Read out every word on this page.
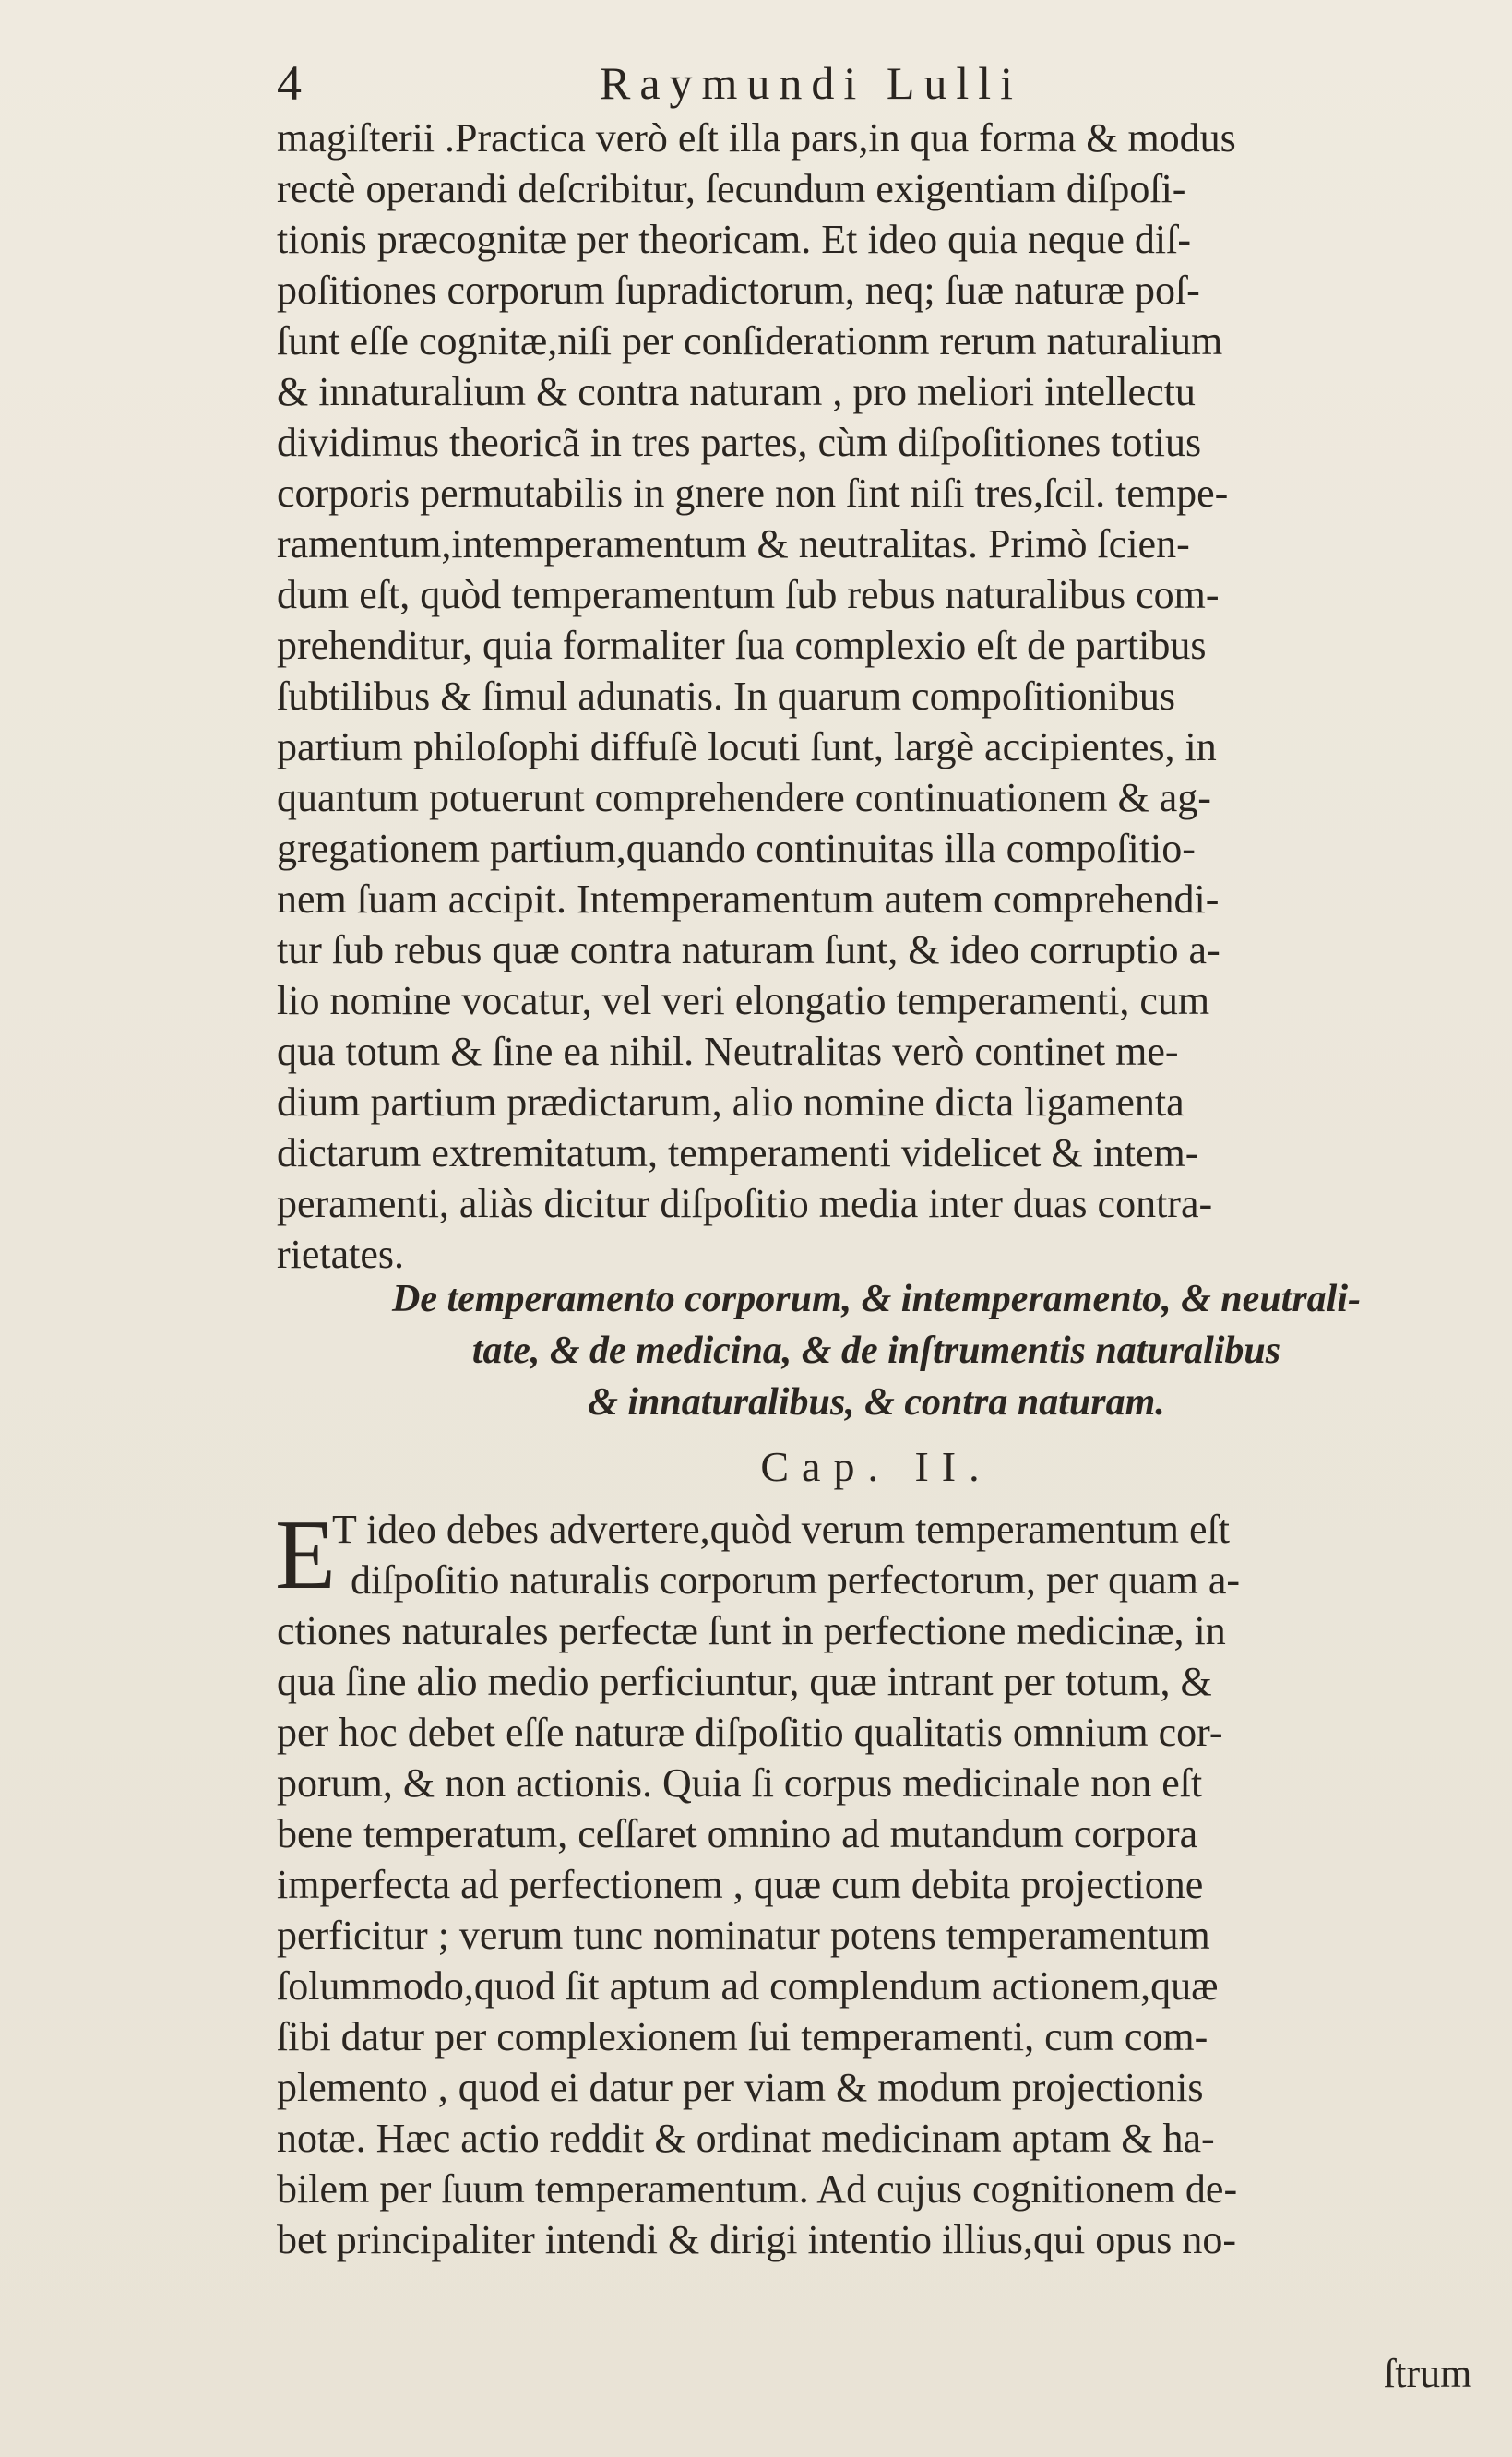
4	Raymundi Lulli
magiſterii .Practica verò eſt illa pars,in qua forma & modus
rectè operandi deſcribitur, ſecundum exigentiam diſpoſi-
tionis præcognitæ per theoricam. Et ideo quia neque diſ-
poſitiones corporum ſupradictorum, neq; ſuæ naturæ poſ-
ſunt eſſe cognitæ,niſi per conſiderationm rerum naturalium
& innaturalium & contra naturam , pro meliori intellectu
dividimus theoricã in tres partes, cùm diſpoſitiones totius
corporis permutabilis in gnere non ſint niſi tres,ſcil. tempe-
ramentum,intemperamentum & neutralitas. Primò ſcien-
dum eſt, quòd temperamentum ſub rebus naturalibus com-
prehenditur, quia formaliter ſua complexio eſt de partibus
ſubtilibus & ſimul adunatis. In quarum compoſitionibus
partium philoſophi diffuſè locuti ſunt, largè accipientes, in
quantum potuerunt comprehendere continuationem & ag-
gregationem partium,quando continuitas illa compoſitio-
nem ſuam accipit. Intemperamentum autem comprehendi-
tur ſub rebus quæ contra naturam ſunt, & ideo corruptio a-
lio nomine vocatur, vel veri elongatio temperamenti, cum
qua totum & ſine ea nihil. Neutralitas verò continet me-
dium partium prædictarum, alio nomine dicta ligamenta
dictarum extremitatum, temperamenti videlicet & intem-
peramenti, aliàs dicitur diſpoſitio media inter duas contra-
rietates.
De temperamento corporum, & intemperamento, & neutrali-
tate, & de medicina, & de inſtrumentis naturalibus
& innaturalibus, & contra naturam.
Cap. II.
E
T ideo debes advertere,quòd verum temperamentum eſt
diſpoſitio naturalis corporum perfectorum, per quam a-
ctiones naturales perfectæ ſunt in perfectione medicinæ, in
qua ſine alio medio perficiuntur, quæ intrant per totum, &
per hoc debet eſſe naturæ diſpoſitio qualitatis omnium cor-
porum, & non actionis. Quia ſi corpus medicinale non eſt
bene temperatum, ceſſaret omnino ad mutandum corpora
imperfecta ad perfectionem , quæ cum debita projectione
perficitur ; verum tunc nominatur potens temperamentum
ſolummodo,quod ſit aptum ad complendum actionem,quæ
ſibi datur per complexionem ſui temperamenti, cum com-
plemento , quod ei datur per viam & modum projectionis
notæ. Hæc actio reddit & ordinat medicinam aptam & ha-
bilem per ſuum temperamentum. Ad cujus cognitionem de-
bet principaliter intendi & dirigi intentio illius,qui opus no-
ſtrum
